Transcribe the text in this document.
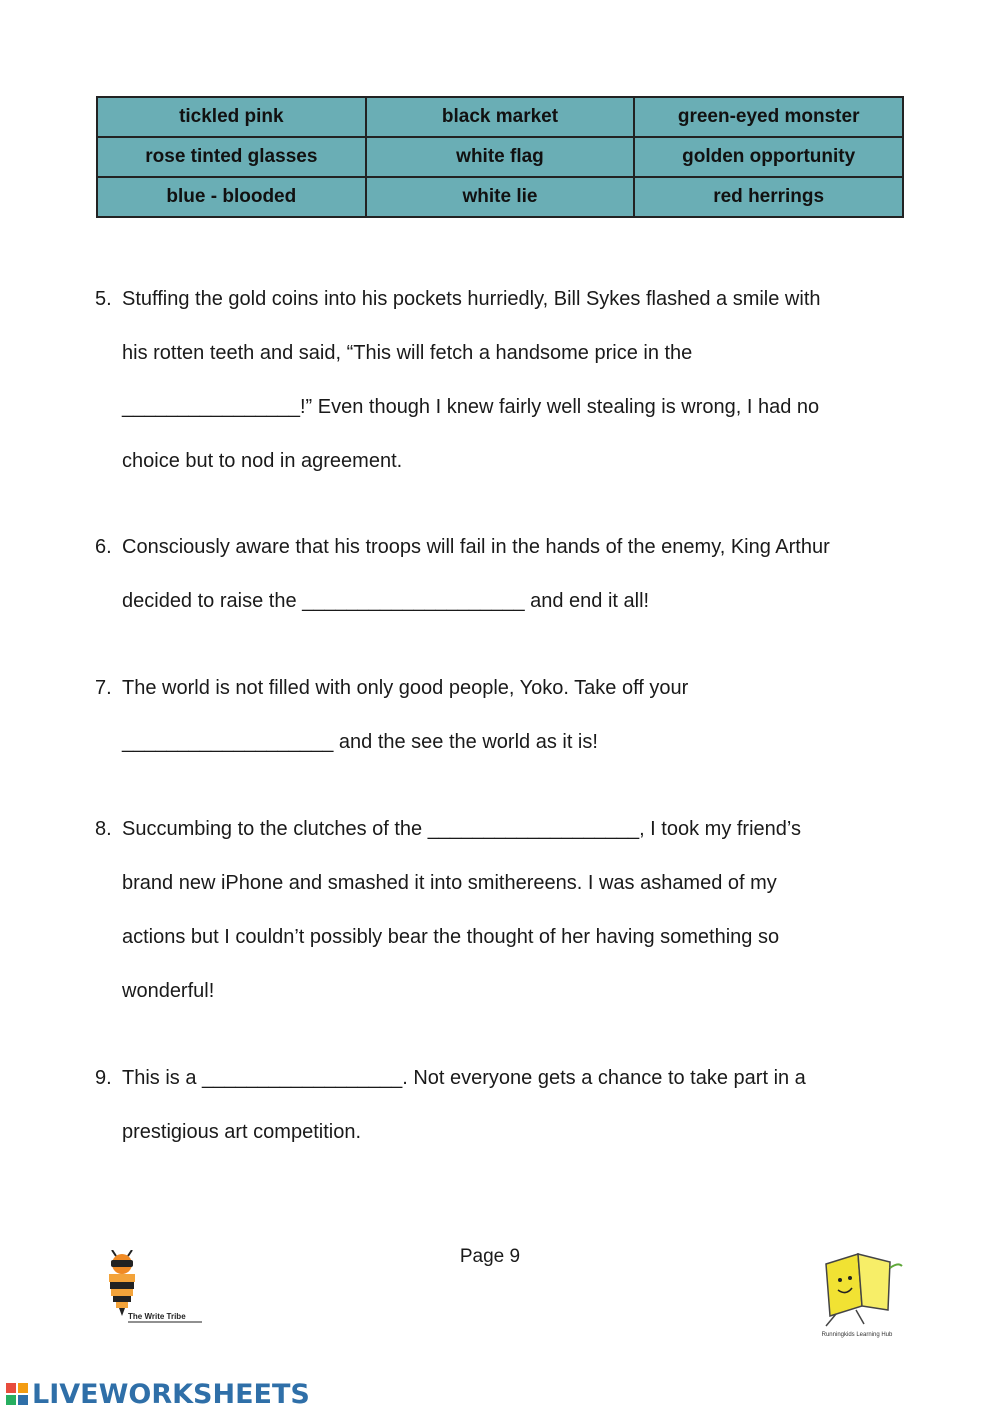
tickled pink	black market	green-eyed monster
rose tinted glasses	white flag	golden opportunity
blue - blooded	white lie	red herrings
5. Stuffing the gold coins into his pockets hurriedly, Bill Sykes flashed a smile with
his rotten teeth and said, “This will fetch a handsome price in the
________________!” Even though I knew fairly well stealing is wrong, I had no
choice but to nod in agreement.
6. Consciously aware that his troops will fail in the hands of the enemy, King Arthur
decided to raise the ____________________ and end it all!
7. The world is not filled with only good people, Yoko. Take off your
___________________ and the see the world as it is!
8. Succumbing to the clutches of the ___________________, I took my friend’s
brand new iPhone and smashed it into smithereens. I was ashamed of my
actions but I couldn’t possibly bear the thought of her having something so
wonderful!
9. This is a __________________. Not everyone gets a chance to take part in a
prestigious art competition.
Page 9
The Write Tribe
Runningkids Learning Hub
LIVEWORKSHEETS
